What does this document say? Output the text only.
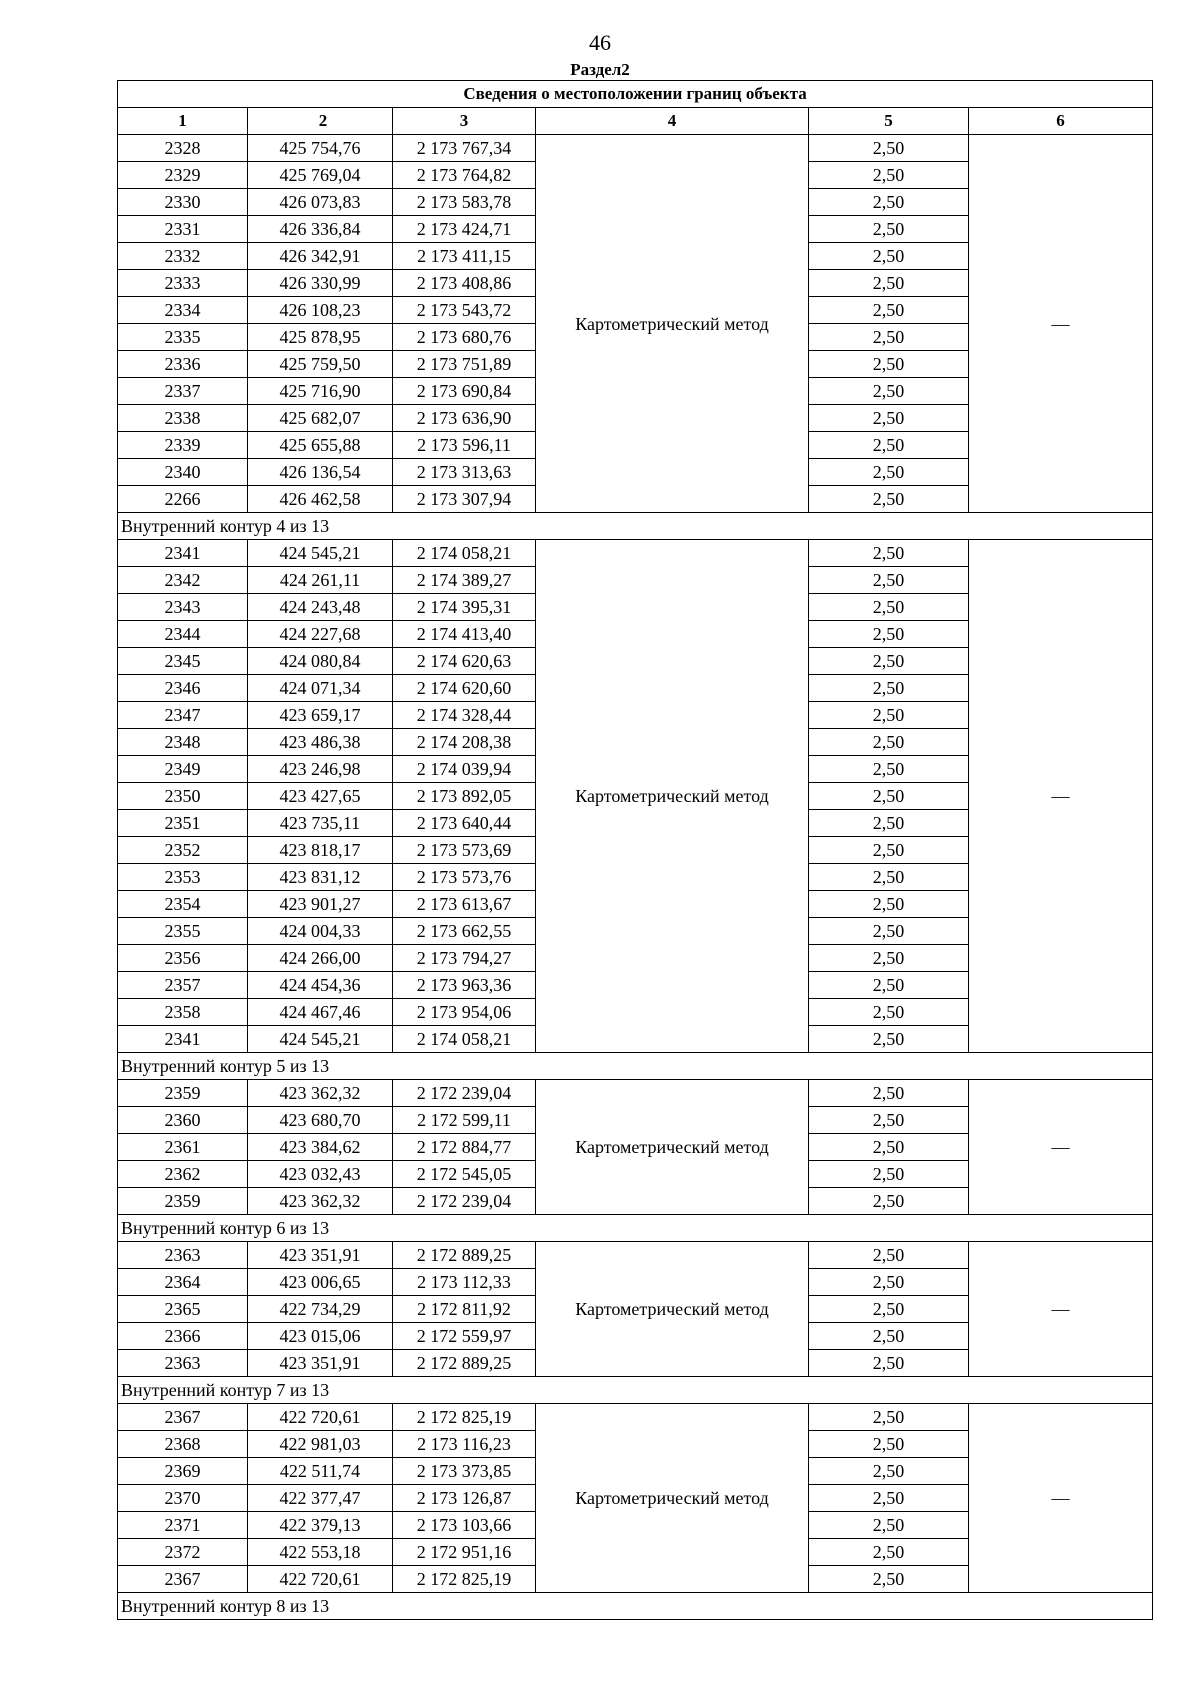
46
Раздел2
Сведения о местоположении границ объекта					
1	2	3	4	5	6
2328	425 754,76	2 173 767,34	Картометрический метод	2,50	—
2329	425 769,04	2 173 764,82		2,50	
2330	426 073,83	2 173 583,78		2,50	
2331	426 336,84	2 173 424,71		2,50	
2332	426 342,91	2 173 411,15		2,50	
2333	426 330,99	2 173 408,86		2,50	
2334	426 108,23	2 173 543,72		2,50	
2335	425 878,95	2 173 680,76		2,50	
2336	425 759,50	2 173 751,89		2,50	
2337	425 716,90	2 173 690,84		2,50	
2338	425 682,07	2 173 636,90		2,50	
2339	425 655,88	2 173 596,11		2,50	
2340	426 136,54	2 173 313,63		2,50	
2266	426 462,58	2 173 307,94		2,50	
Внутренний контур 4 из 13					
2341	424 545,21	2 174 058,21	Картометрический метод	2,50	—
2342	424 261,11	2 174 389,27		2,50	
2343	424 243,48	2 174 395,31		2,50	
2344	424 227,68	2 174 413,40		2,50	
2345	424 080,84	2 174 620,63		2,50	
2346	424 071,34	2 174 620,60		2,50	
2347	423 659,17	2 174 328,44		2,50	
2348	423 486,38	2 174 208,38		2,50	
2349	423 246,98	2 174 039,94		2,50	
2350	423 427,65	2 173 892,05		2,50	
2351	423 735,11	2 173 640,44		2,50	
2352	423 818,17	2 173 573,69		2,50	
2353	423 831,12	2 173 573,76		2,50	
2354	423 901,27	2 173 613,67		2,50	
2355	424 004,33	2 173 662,55		2,50	
2356	424 266,00	2 173 794,27		2,50	
2357	424 454,36	2 173 963,36		2,50	
2358	424 467,46	2 173 954,06		2,50	
2341	424 545,21	2 174 058,21		2,50	
Внутренний контур 5 из 13					
2359	423 362,32	2 172 239,04	Картометрический метод	2,50	—
2360	423 680,70	2 172 599,11		2,50	
2361	423 384,62	2 172 884,77		2,50	
2362	423 032,43	2 172 545,05		2,50	
2359	423 362,32	2 172 239,04		2,50	
Внутренний контур 6 из 13					
2363	423 351,91	2 172 889,25	Картометрический метод	2,50	—
2364	423 006,65	2 173 112,33		2,50	
2365	422 734,29	2 172 811,92		2,50	
2366	423 015,06	2 172 559,97		2,50	
2363	423 351,91	2 172 889,25		2,50	
Внутренний контур 7 из 13					
2367	422 720,61	2 172 825,19	Картометрический метод	2,50	—
2368	422 981,03	2 173 116,23		2,50	
2369	422 511,74	2 173 373,85		2,50	
2370	422 377,47	2 173 126,87		2,50	
2371	422 379,13	2 173 103,66		2,50	
2372	422 553,18	2 172 951,16		2,50	
2367	422 720,61	2 172 825,19		2,50	
Внутренний контур 8 из 13					
